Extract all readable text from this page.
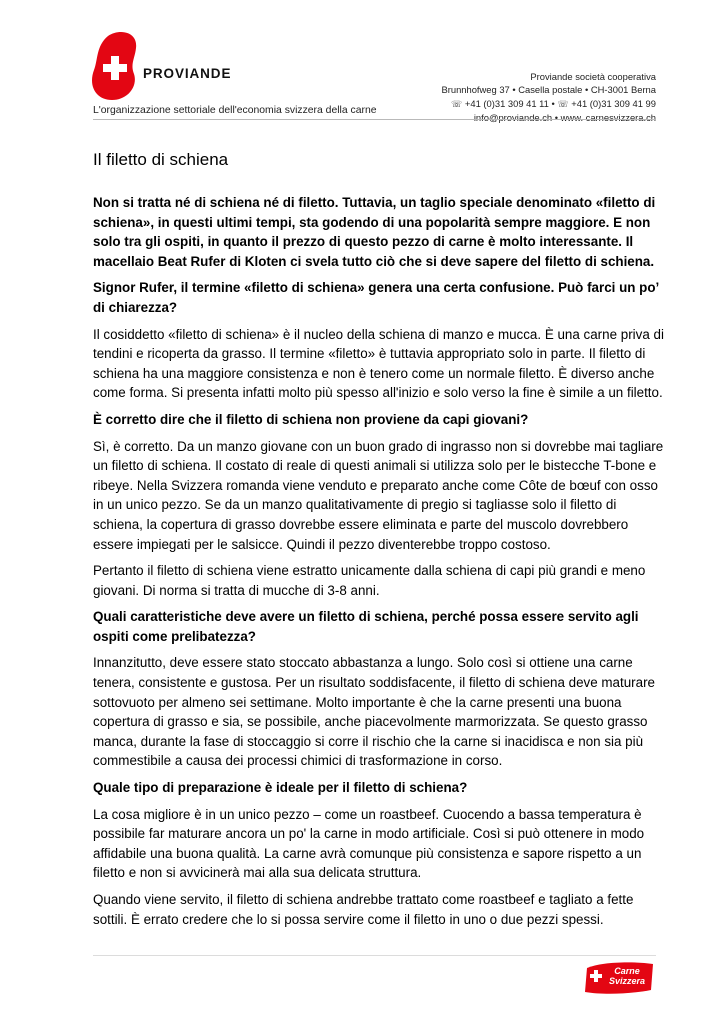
PROVIANDE
L'organizzazione settoriale dell'economia svizzera della carne
Proviande società cooperativa
Brunnhofweg 37 • Casella postale • CH-3001 Berna
☏ +41 (0)31 309 41 11 • ☏ +41 (0)31 309 41 99
info@proviande.ch • www. carnesvizzera.ch
Il filetto di schiena

Non si tratta né di schiena né di filetto. Tuttavia, un taglio speciale denominato «filetto di schiena», in questi ultimi tempi, sta godendo di una popolarità sempre maggiore. E non solo tra gli ospiti, in quanto il prezzo di questo pezzo di carne è molto interessante. Il macellaio Beat Rufer di Kloten ci svela tutto ciò che si deve sapere del filetto di schiena.

Signor Rufer, il termine «filetto di schiena» genera una certa confusione. Può farci un po’ di chiarezza?

Il cosiddetto «filetto di schiena» è il nucleo della schiena di manzo e mucca. È una carne priva di tendini e ricoperta da grasso. Il termine «filetto» è tuttavia appropriato solo in parte. Il filetto di schiena ha una maggiore consistenza e non è tenero come un normale filetto. È diverso anche come forma. Si presenta infatti molto più spesso all'inizio e solo verso la fine è simile a un filetto.

È corretto dire che il filetto di schiena non proviene da capi giovani?

Sì, è corretto. Da un manzo giovane con un buon grado di ingrasso non si dovrebbe mai tagliare un filetto di schiena. Il costato di reale di questi animali si utilizza solo per le bistecche T-bone e ribeye. Nella Svizzera romanda viene venduto e preparato anche come Côte de bœuf con osso in un unico pezzo. Se da un manzo qualitativamente di pregio si tagliasse solo il filetto di schiena, la copertura di grasso dovrebbe essere eliminata e parte del muscolo dovrebbero essere impiegati per le salsicce. Quindi il pezzo diventerebbe troppo costoso.

Pertanto il filetto di schiena viene estratto unicamente dalla schiena di capi più grandi e meno giovani. Di norma si tratta di mucche di 3-8 anni.

Quali caratteristiche deve avere un filetto di schiena, perché possa essere servito agli ospiti come prelibatezza?

Innanzitutto, deve essere stato stoccato abbastanza a lungo. Solo così si ottiene una carne tenera, consistente e gustosa. Per un risultato soddisfacente, il filetto di schiena deve maturare sottovuoto per almeno sei settimane. Molto importante è che la carne presenti una buona copertura di grasso e sia, se possibile, anche piacevolmente marmorizzata. Se questo grasso manca, durante la fase di stoccaggio si corre il rischio che la carne si inacidisca e non sia più commestibile a causa dei processi chimici di trasformazione in corso.

Quale tipo di preparazione è ideale per il filetto di schiena?

La cosa migliore è in un unico pezzo – come un roastbeef. Cuocendo a bassa temperatura è possibile far maturare ancora un po' la carne in modo artificiale. Così si può ottenere in modo affidabile una buona qualità. La carne avrà comunque più consistenza e sapore rispetto a un filetto e non si avvicinerà mai alla sua delicata struttura.

Quando viene servito, il filetto di schiena andrebbe trattato come roastbeef e tagliato a fette sottili. È errato credere che lo si possa servire come il filetto in uno o due pezzi spessi.

Carne
Svizzera
